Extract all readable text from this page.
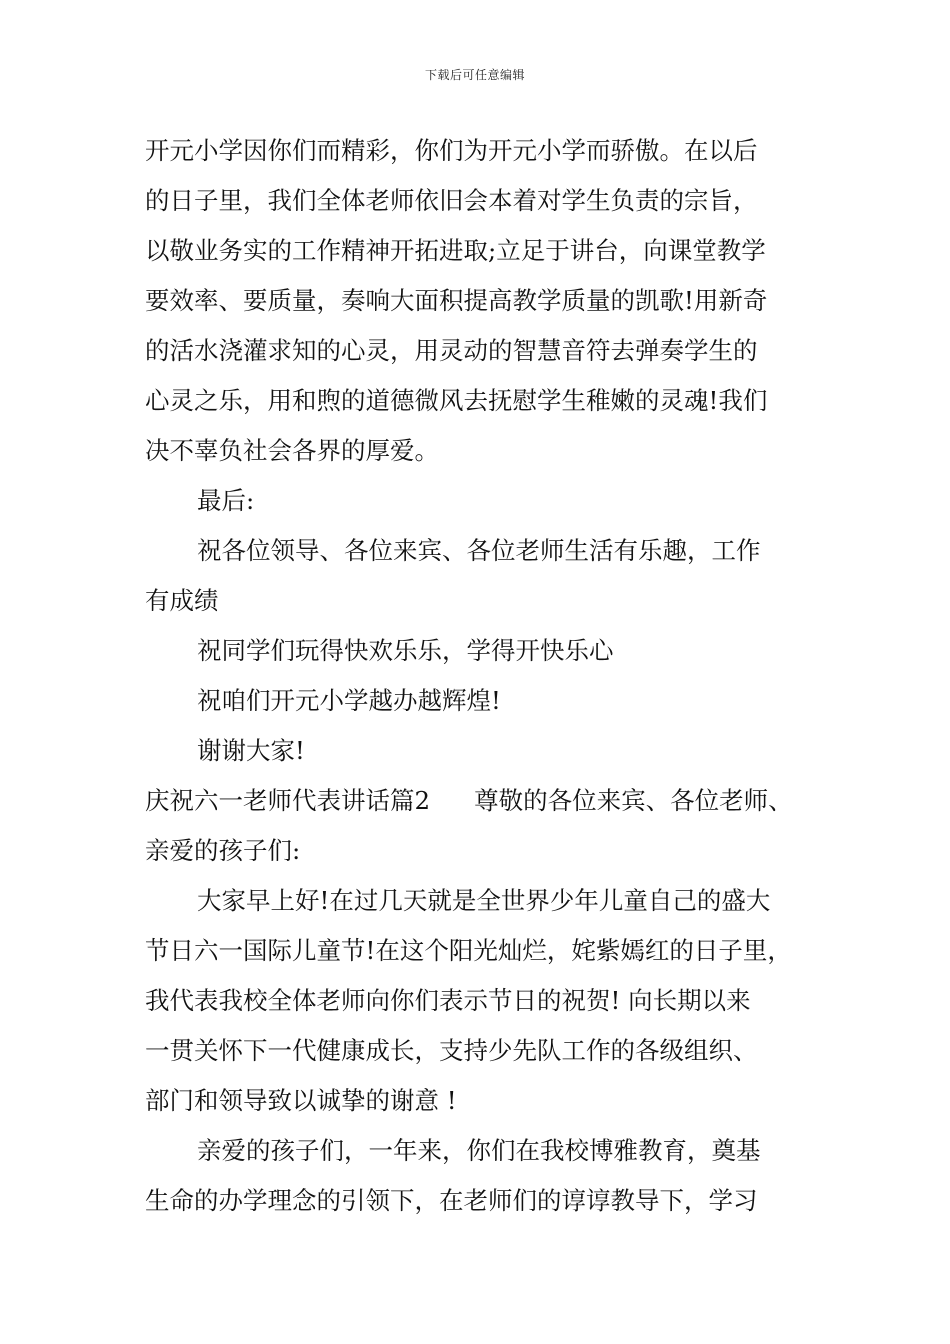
下载后可任意编辑
开元小学因你们而精彩，你们为开元小学而骄傲。在以后
的日子里，我们全体老师依旧会本着对学生负责的宗旨，
以敬业务实的工作精神开拓进取;立足于讲台，向课堂教学
要效率、要质量，奏响大面积提高教学质量的凯歌!用新奇
的活水浇灌求知的心灵，用灵动的智慧音符去弹奏学生的
心灵之乐，用和煦的道德微风去抚慰学生稚嫩的灵魂!我们
决不辜负社会各界的厚爱。
最后:
祝各位领导、各位来宾、各位老师生活有乐趣，工作
有成绩
祝同学们玩得快欢乐乐，学得开快乐心
祝咱们开元小学越办越辉煌!
谢谢大家!
庆祝六一老师代表讲话篇2 尊敬的各位来宾、各位老师、
亲爱的孩子们:
大家早上好!在过几天就是全世界少年儿童自己的盛大
节日六一国际儿童节!在这个阳光灿烂，姹紫嫣红的日子里，
我代表我校全体老师向你们表示节日的祝贺! 向长期以来
一贯关怀下一代健康成长，支持少先队工作的各级组织、
部门和领导致以诚挚的谢意 !
亲爱的孩子们，一年来，你们在我校博雅教育，奠基
生命的办学理念的引领下，在老师们的谆谆教导下，学习
